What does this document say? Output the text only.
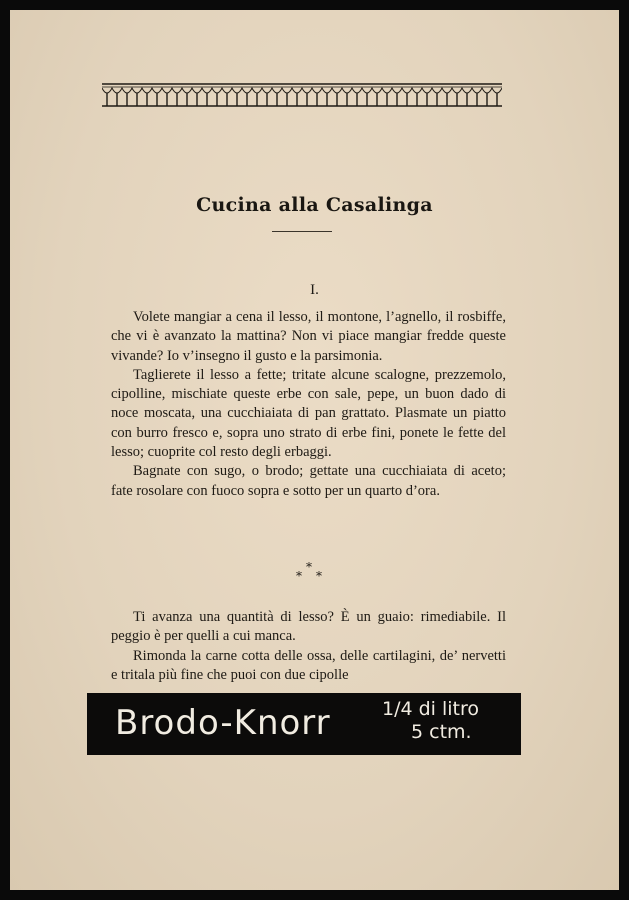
Cucina alla Casalinga
I.

Volete mangiar a cena il lesso, il montone, l’agnello, il rosbiffe, che vi è avanzato la mattina? Non vi piace mangiar fredde queste vivande? Io v’insegno il gusto e la parsimonia.

Taglierete il lesso a fette; tritate alcune scalogne, prezzemolo, cipolline, mischiate queste erbe con sale, pepe, un buon dado di noce moscata, una cucchiaiata di pan grattato. Plasmate un piatto con burro fresco e, sopra uno strato di erbe fini, ponete le fette del lesso; cuoprite col resto degli erbaggi.

Bagnate con sugo, o brodo; gettate una cucchiaiata di aceto; fate rosolare con fuoco sopra e sotto per un quarto d’ora.

*
* *

Ti avanza una quantità di lesso? È un guaio: rimediabile. Il peggio è per quelli a cui manca.

Rimonda la carne cotta delle ossa, delle cartilagini, de’ nervetti e tritala più fine che puoi con due cipolle

Brodo-Knorr	1/4 di litro
5 ctm.
